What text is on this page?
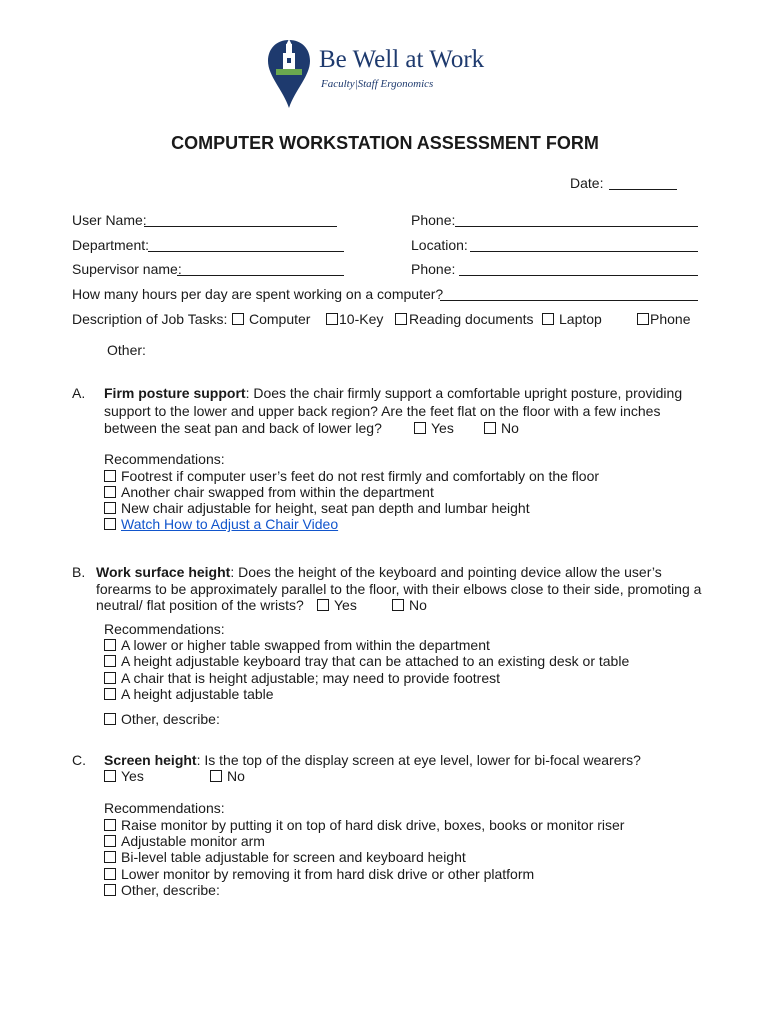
Be Well at Work
Faculty|Staff Ergonomics
COMPUTER WORKSTATION ASSESSMENT FORM
Date:
User Name:	Phone:
Department:	Location:
Supervisor name:	Phone:
How many hours per day are spent working on a computer?
Description of Job Tasks:	Computer	10-Key	Reading documents	Laptop	Phone
Other:
A. Firm posture support: Does the chair firmly support a comfortable upright posture, providing
support to the lower and upper back region? Are the feet flat on the floor with a few inches
between the seat pan and back of lower leg?	Yes	No
Recommendations:
Footrest if computer user’s feet do not rest firmly and comfortably on the floor
Another chair swapped from within the department
New chair adjustable for height, seat pan depth and lumbar height
Watch How to Adjust a Chair Video
B. Work surface height: Does the height of the keyboard and pointing device allow the user’s
forearms to be approximately parallel to the floor, with their elbows close to their side, promoting a
neutral/ flat position of the wrists?	Yes	No
Recommendations:
A lower or higher table swapped from within the department
A height adjustable keyboard tray that can be attached to an existing desk or table
A chair that is height adjustable; may need to provide footrest
A height adjustable table
Other, describe:
C. Screen height: Is the top of the display screen at eye level, lower for bi-focal wearers?
Yes	No
Recommendations:
Raise monitor by putting it on top of hard disk drive, boxes, books or monitor riser
Adjustable monitor arm
Bi-level table adjustable for screen and keyboard height
Lower monitor by removing it from hard disk drive or other platform
Other, describe:
